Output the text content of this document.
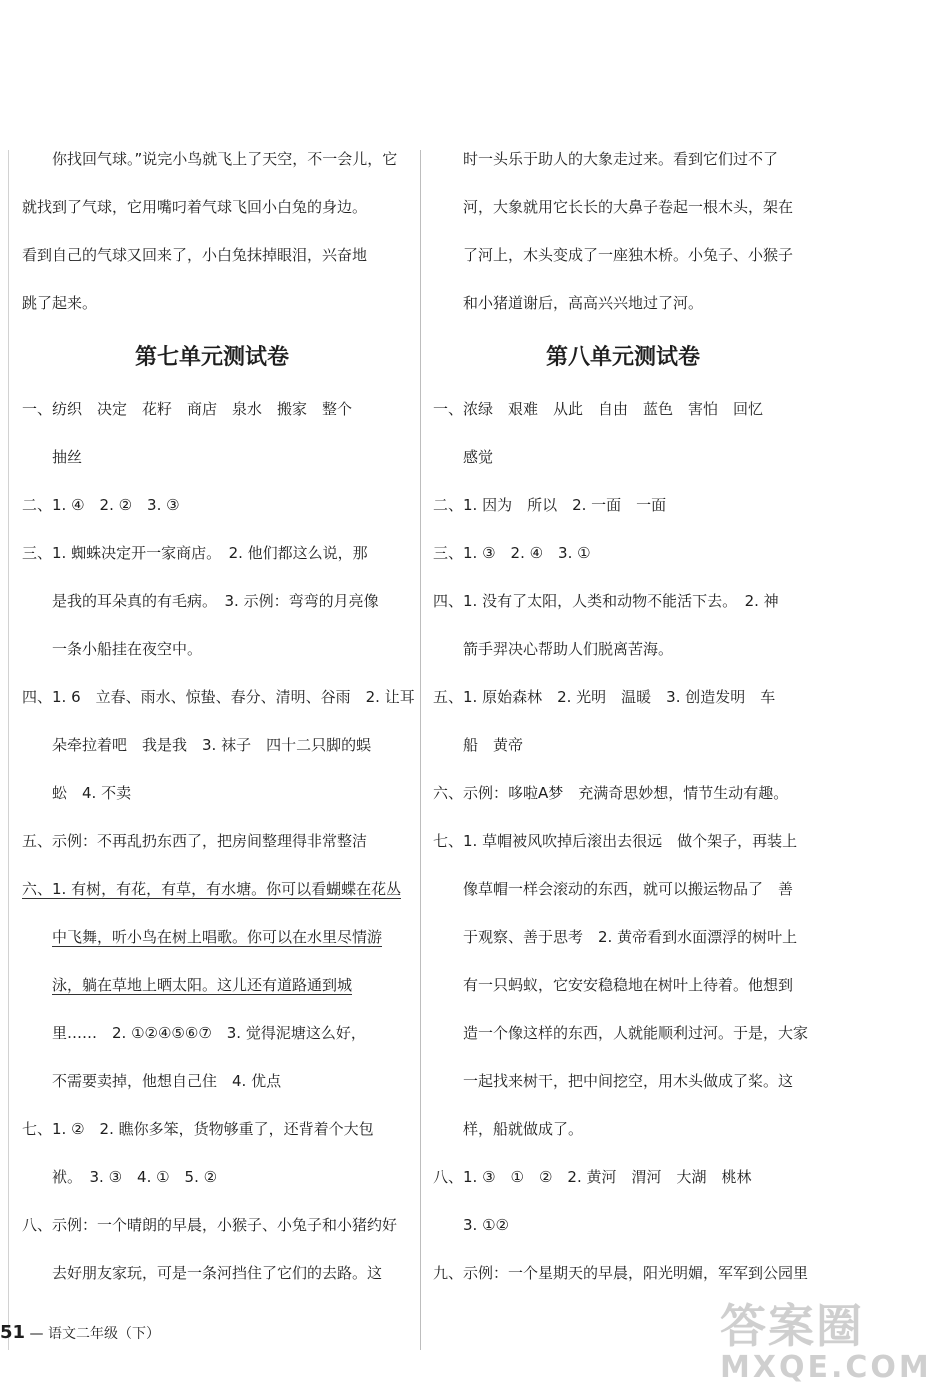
你找回气球。”说完小鸟就飞上了天空，不一会儿，它
就找到了气球，它用嘴叼着气球飞回小白兔的身边。
看到自己的气球又回来了，小白兔抹掉眼泪，兴奋地
跳了起来。
第七单元测试卷
一、纺织　决定　花籽　商店　泉水　搬家　整个
抽丝
二、1. ④　2. ②　3. ③
三、1. 蜘蛛决定开一家商店。　2. 他们都这么说，那
是我的耳朵真的有毛病。　3. 示例：弯弯的月亮像
一条小船挂在夜空中。
四、1. 6　立春、雨水、惊蛰、春分、清明、谷雨　2. 让耳
朵牵拉着吧　我是我　3. 袜子　四十二只脚的蜈
蚣　4. 不卖
五、示例：不再乱扔东西了，把房间整理得非常整洁
六、1. 有树，有花，有草，有水塘。你可以看蝴蝶在花丛
中飞舞，听小鸟在树上唱歌。你可以在水里尽情游
泳，躺在草地上晒太阳。这儿还有道路通到城
里……　2. ①②④⑤⑥⑦　3. 觉得泥塘这么好，
不需要卖掉，他想自己住　4. 优点
七、1. ②　2. 瞧你多笨，货物够重了，还背着个大包
袱。　3. ③　4. ①　5. ②
八、示例：一个晴朗的早晨，小猴子、小兔子和小猪约好
去好朋友家玩，可是一条河挡住了它们的去路。这
时一头乐于助人的大象走过来。看到它们过不了
河，大象就用它长长的大鼻子卷起一根木头，架在
了河上，木头变成了一座独木桥。小兔子、小猴子
和小猪道谢后，高高兴兴地过了河。
第八单元测试卷
一、浓绿　艰难　从此　自由　蓝色　害怕　回忆
感觉
二、1. 因为　所以　2. 一面　一面
三、1. ③　2. ④　3. ①
四、1. 没有了太阳，人类和动物不能活下去。　2. 神
箭手羿决心帮助人们脱离苦海。
五、1. 原始森林　2. 光明　温暖　3. 创造发明　车
船　黄帝
六、示例：哆啦A梦　充满奇思妙想，情节生动有趣。
七、1. 草帽被风吹掉后滚出去很远　做个架子，再装上
像草帽一样会滚动的东西，就可以搬运物品了　善
于观察、善于思考　2. 黄帝看到水面漂浮的树叶上
有一只蚂蚁，它安安稳稳地在树叶上待着。他想到
造一个像这样的东西，人就能顺利过河。于是，大家
一起找来树干，把中间挖空，用木头做成了桨。这
样，船就做成了。
八、1. ③　①　②　2. 黄河　渭河　大湖　桃林
3. ①②
九、示例：一个星期天的早晨，阳光明媚，军军到公园里
51 — 语文二年级（下）	答案圈
MXQE.COM
